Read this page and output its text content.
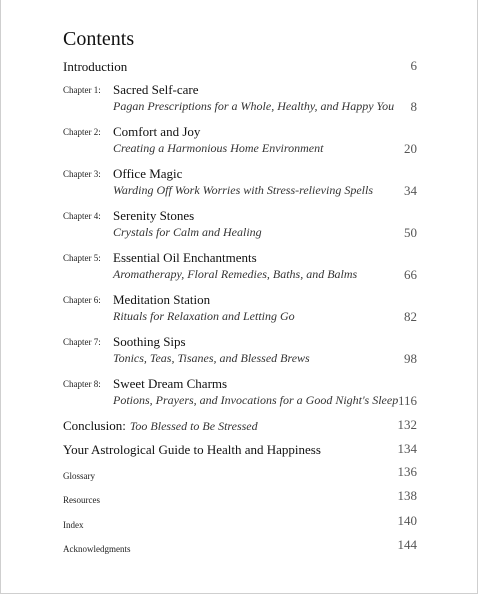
Contents
Introduction	6
Chapter 1: Sacred Self-care
Pagan Prescriptions for a Whole, Healthy, and Happy You 8
Chapter 2: Comfort and Joy
Creating a Harmonious Home Environment	20
Chapter 3: Office Magic
Warding Off Work Worries with Stress-relieving Spells 34
Chapter 4: Serenity Stones
Crystals for Calm and Healing	50
Chapter 5: Essential Oil Enchantments
Aromatherapy, Floral Remedies, Baths, and Balms	66
Chapter 6: Meditation Station
Rituals for Relaxation and Letting Go	82
Chapter 7: Soothing Sips
Tonics, Teas, Tisanes, and Blessed Brews	98
Chapter 8: Sweet Dream Charms
Potions, Prayers, and Invocations for a Good Night's Sleep 116
Conclusion: Too Blessed to Be Stressed	132
Your Astrological Guide to Health and Happiness	134
Glossary	136
Resources	138
Index	140
Acknowledgments	144
